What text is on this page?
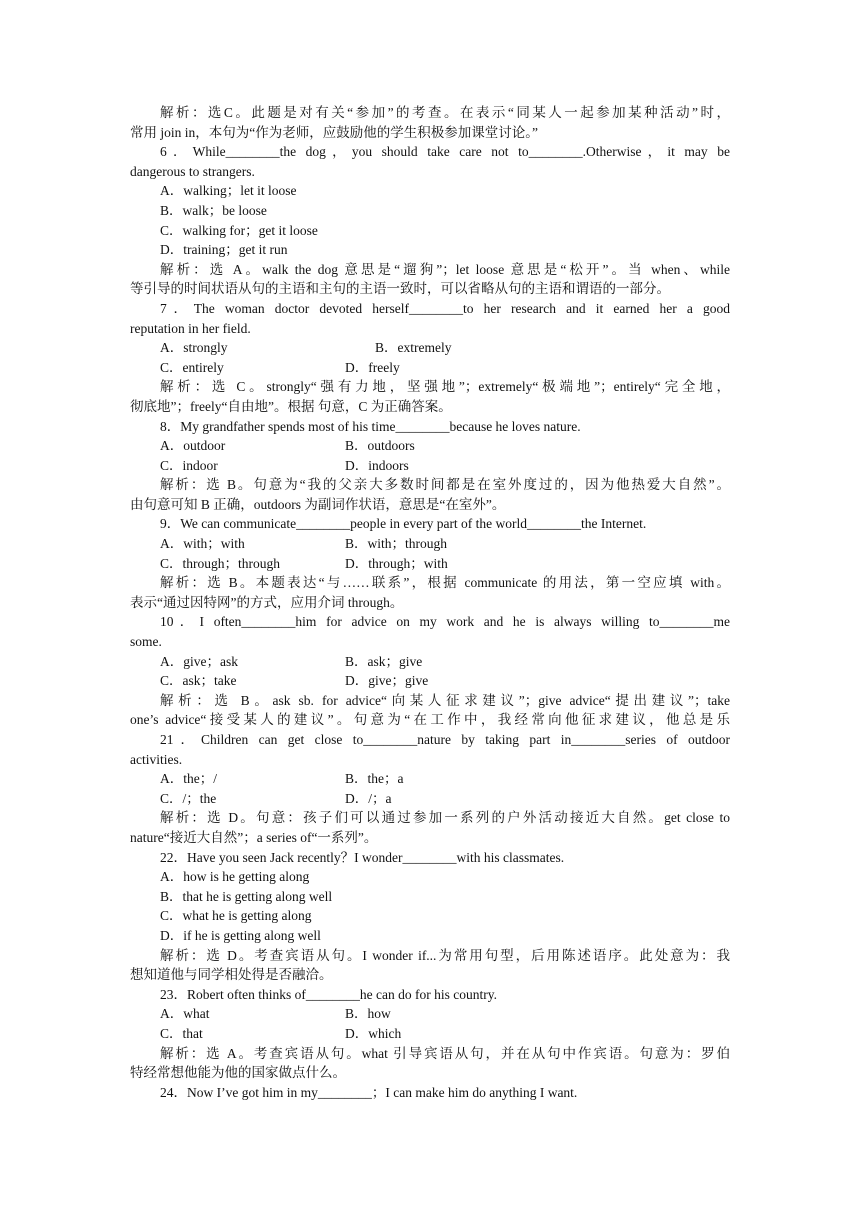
解析：选C。此题是对有关“参加”的考查。在表示“同某人一起参加某种活动”时，
常用 join in，本句为“作为老师，应鼓励他的学生积极参加课堂讨论。”
6．While________the dog，you should take care not to________.Otherwise，it may be
dangerous to strangers.
A．walking；let it loose
B．walk；be loose
C．walking for；get it loose
D．training；get it run
解析：选 A。walk the dog 意思是“遛狗”；let loose 意思是“松开”。当 when、while
等引导的时间状语从句的主语和主句的主语一致时，可以省略从句的主语和谓语的一部分。
7．The woman doctor devoted herself________to her research and it earned her a good
reputation in her field.
A．strongly	B．extremely
C．entirely	D．freely
解析：选 C。strongly“强有力地，坚强地”；extremely“极端地”；entirely“完全地，
彻底地”；freely“自由地”。根据 句意，C 为正确答案。
8．My grandfather spends most of his time________because he loves nature.
A．outdoor	B．outdoors
C．indoor	D．indoors
解析：选 B。句意为“我的父亲大多数时间都是在室外度过的，因为他热爱大自然”。
由句意可知 B 正确，outdoors 为副词作状语，意思是“在室外”。
9．We can communicate________people in every part of the world________the Internet.
A．with；with	B．with；through
C．through；through	D．through；with
解析：选 B。本题表达“与……联系”，根据 communicate 的用法，第一空应填 with。
表示“通过因特网”的方式，应用介词 through。
10．I often________him for advice on my work and he is always willing to________me
some.
A．give；ask	B．ask；give
C．ask；take	D．give；give
解析：选 B。ask sb. for advice“向某人征求建议”；give advice“提出建议”；take
one’s advice“接受某人的建议”。句意为“在工作中，我经常向他征求建议，他总是乐
21．Children can get close to________nature by taking part in________series of outdoor
activities.
A．the；/	B．the；a
C．/；the	D．/；a
解析：选 D。句意：孩子们可以通过参加一系列的户外活动接近大自然。get close to
nature“接近大自然”；a series of“一系列”。
22．Have you seen Jack recently？I wonder________with his classmates.
A．how is he getting along
B．that he is getting along well
C．what he is getting along
D．if he is getting along well
解析：选 D。考查宾语从句。I wonder if...为常用句型，后用陈述语序。此处意为：我
想知道他与同学相处得是否融洽。
23．Robert often thinks of________he can do for his country.
A．what	B．how
C．that	D．which
解析：选 A。考查宾语从句。what 引导宾语从句，并在从句中作宾语。句意为：罗伯
特经常想他能为他的国家做点什么。
24．Now I’ve got him in my________；I can make him do anything I want.
